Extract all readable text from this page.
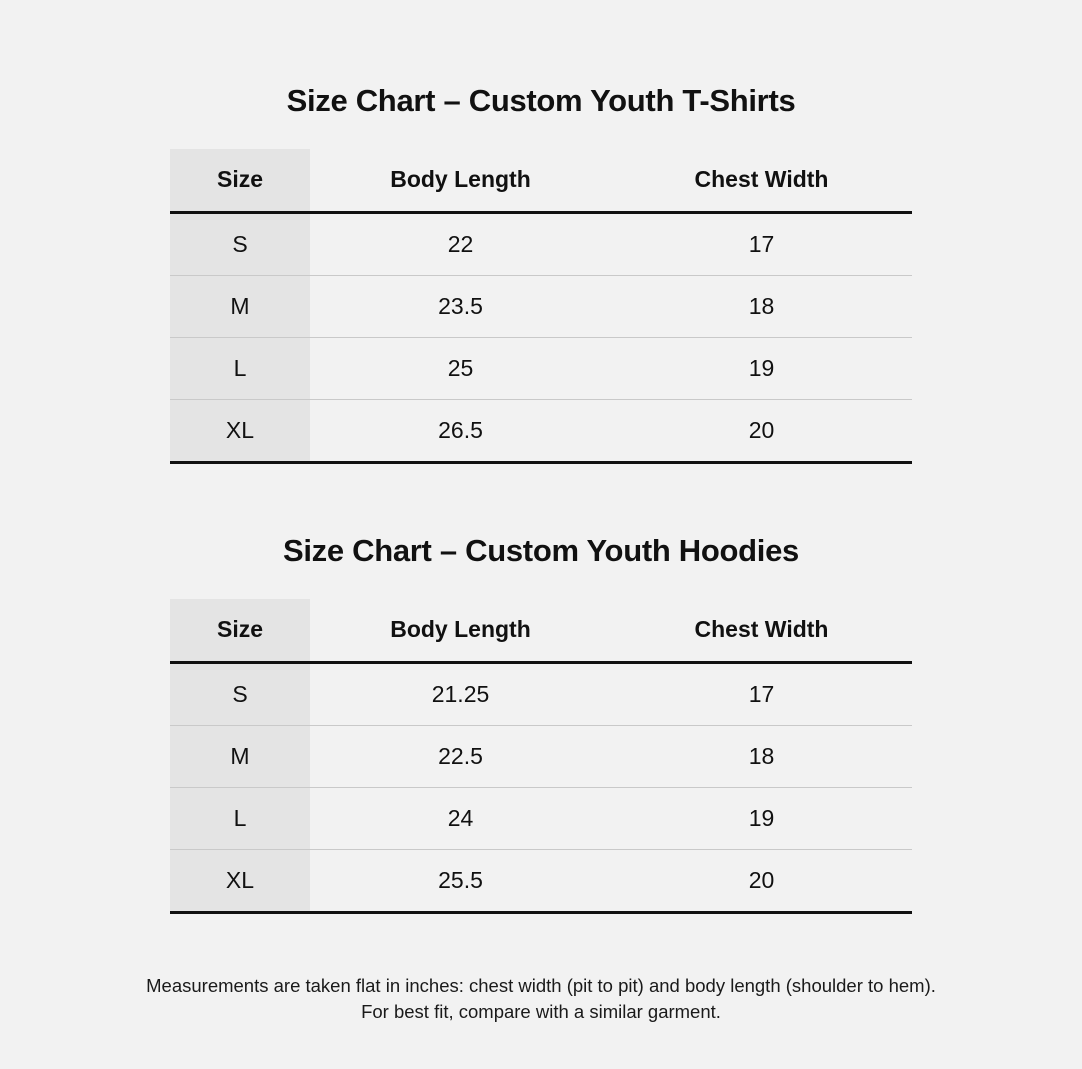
Size Chart – Custom Youth T-Shirts
Size	Body Length	Chest Width
S	22	17
M	23.5	18
L	25	19
XL	26.5	20
Size Chart – Custom Youth Hoodies
Size	Body Length	Chest Width
S	21.25	17
M	22.5	18
L	24	19
XL	25.5	20
Measurements are taken flat in inches: chest width (pit to pit) and body length (shoulder to hem).
For best fit, compare with a similar garment.
